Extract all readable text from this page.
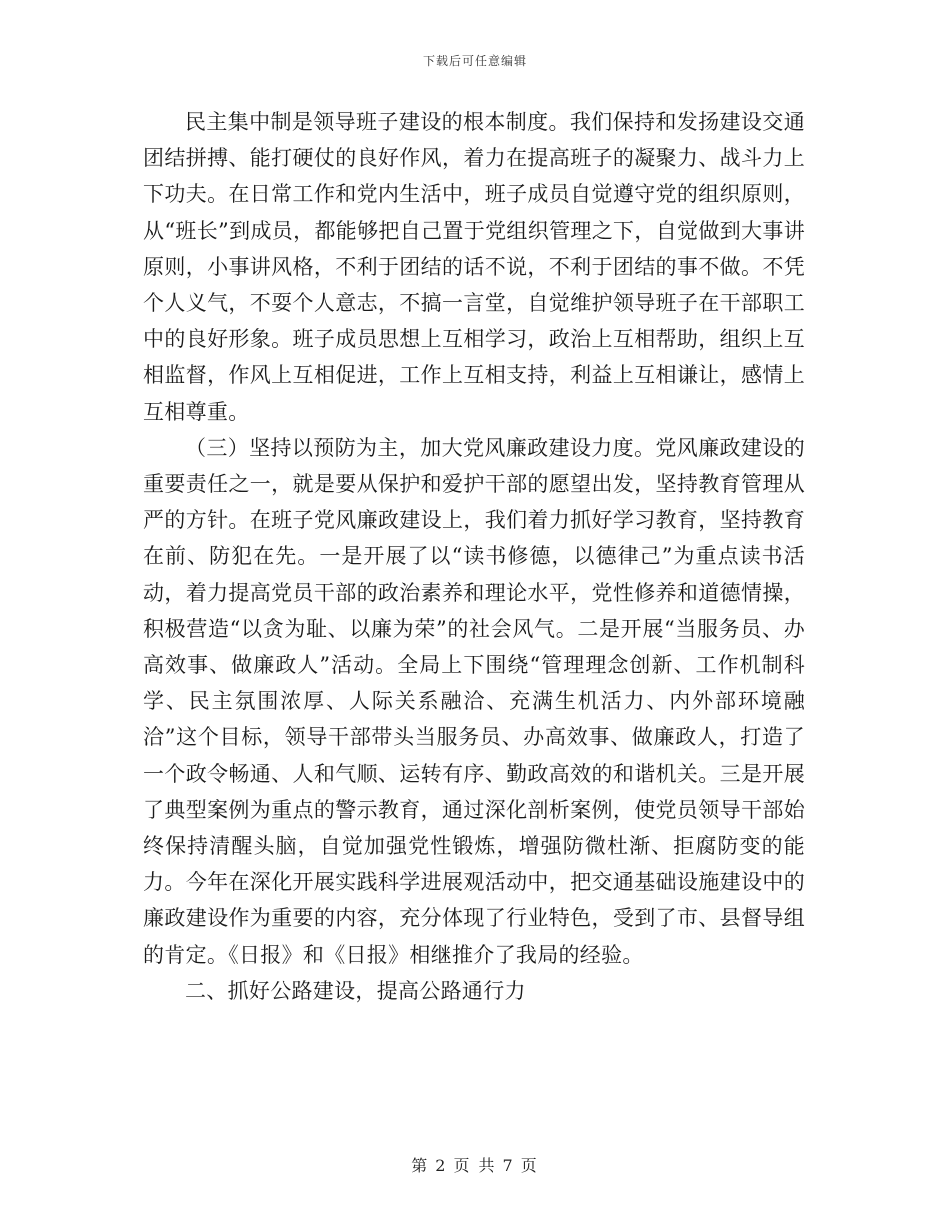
下载后可任意编辑

民主集中制是领导班子建设的根本制度。我们保持和发扬建设交通团结拼搏、能打硬仗的良好作风，着力在提高班子的凝聚力、战斗力上下功夫。在日常工作和党内生活中，班子成员自觉遵守党的组织原则，从“班长”到成员，都能够把自己置于党组织管理之下，自觉做到大事讲原则，小事讲风格，不利于团结的话不说，不利于团结的事不做。不凭个人义气，不耍个人意志，不搞一言堂，自觉维护领导班子在干部职工中的良好形象。班子成员思想上互相学习，政治上互相帮助，组织上互相监督，作风上互相促进，工作上互相支持，利益上互相谦让，感情上互相尊重。

（三）坚持以预防为主，加大党风廉政建设力度。党风廉政建设的重要责任之一，就是要从保护和爱护干部的愿望出发，坚持教育管理从严的方针。在班子党风廉政建设上，我们着力抓好学习教育，坚持教育在前、防犯在先。一是开展了以“读书修德，以德律己”为重点读书活动，着力提高党员干部的政治素养和理论水平，党性修养和道德情操，积极营造“以贪为耻、以廉为荣”的社会风气。二是开展“当服务员、办高效事、做廉政人”活动。全局上下围绕“管理理念创新、工作机制科学、民主氛围浓厚、人际关系融洽、充满生机活力、内外部环境融洽”这个目标，领导干部带头当服务员、办高效事、做廉政人，打造了一个政令畅通、人和气顺、运转有序、勤政高效的和谐机关。三是开展了典型案例为重点的警示教育，通过深化剖析案例，使党员领导干部始终保持清醒头脑，自觉加强党性锻炼，增强防微杜渐、拒腐防变的能力。今年在深化开展实践科学进展观活动中，把交通基础设施建设中的廉政建设作为重要的内容，充分体现了行业特色，受到了市、县督导组的肯定。《日报》和《日报》相继推介了我局的经验。

二、抓好公路建设，提高公路通行力

第 2 页 共 7 页
